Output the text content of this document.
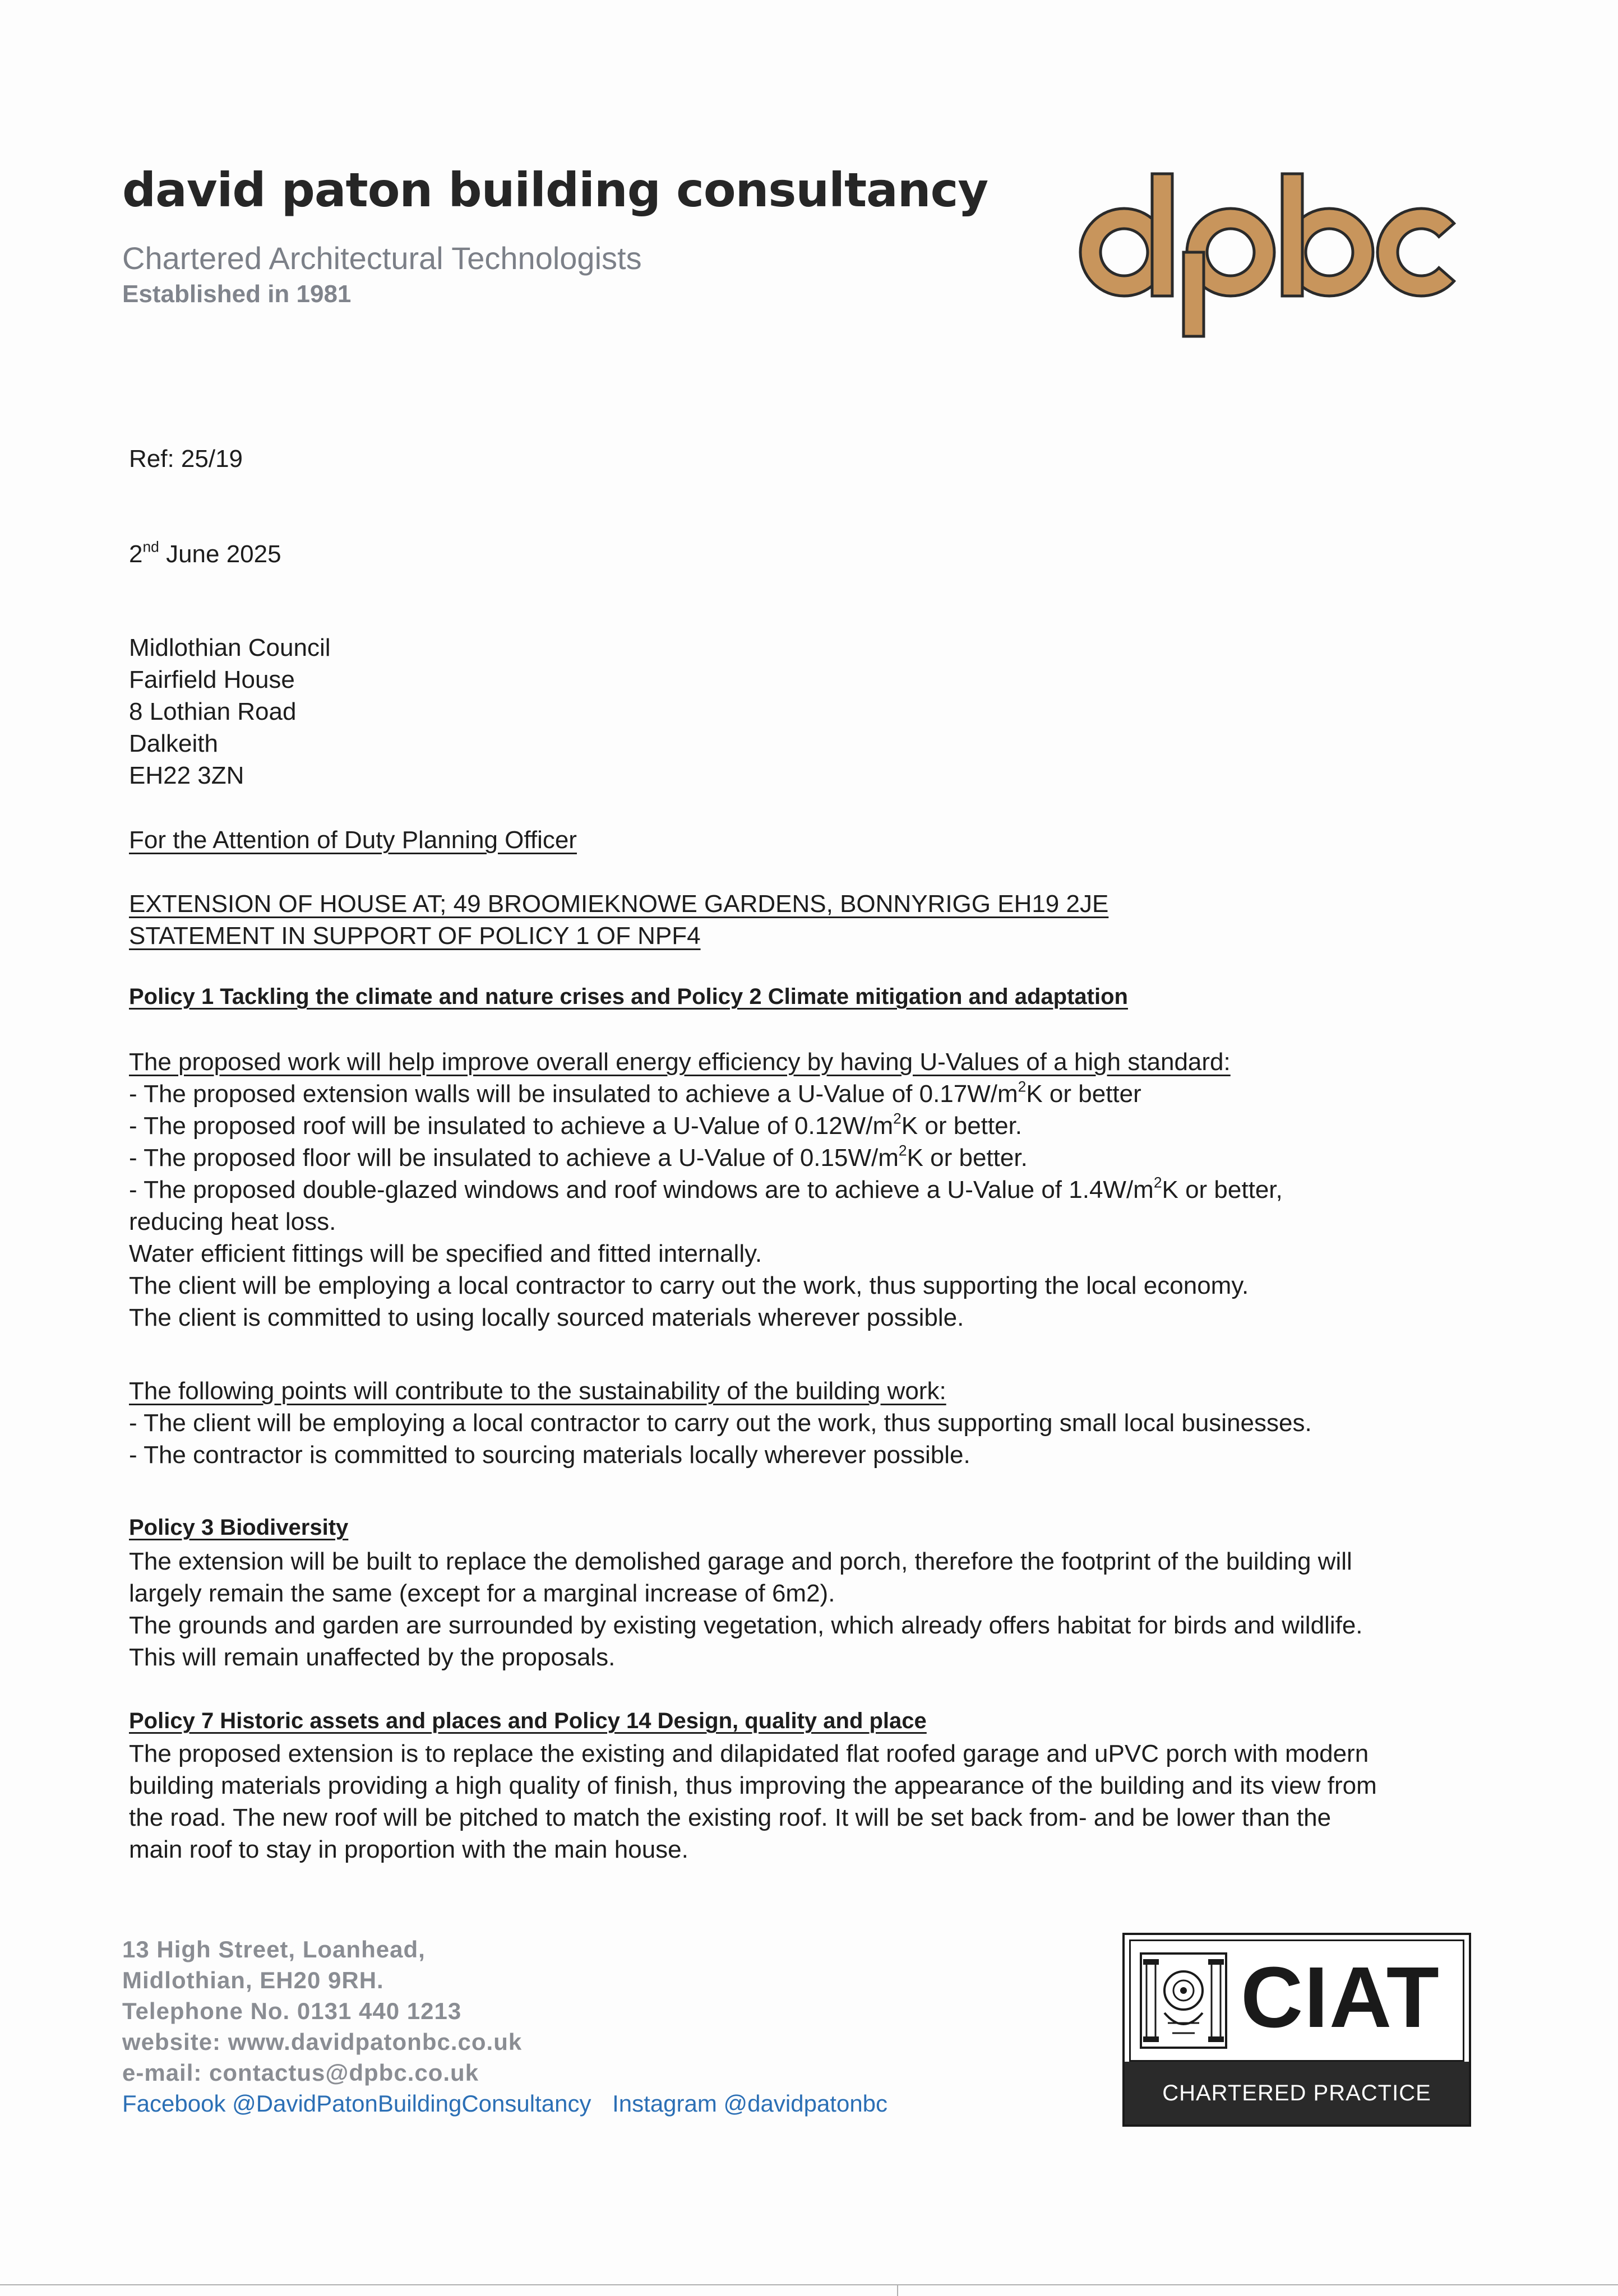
david paton building consultancy
Chartered Architectural Technologists
Established in 1981
Ref: 25/19
2nd June 2025
Midlothian Council
Fairfield House
8 Lothian Road
Dalkeith
EH22 3ZN
For the Attention of Duty Planning Officer
EXTENSION OF HOUSE AT; 49 BROOMIEKNOWE GARDENS, BONNYRIGG EH19 2JE
STATEMENT IN SUPPORT OF POLICY 1 OF NPF4
Policy 1 Tackling the climate and nature crises and Policy 2 Climate mitigation and adaptation
The proposed work will help improve overall energy efficiency by having U-Values of a high standard:
- The proposed extension walls will be insulated to achieve a U-Value of $0.17W/m^2K$ or better
- The proposed roof will be insulated to achieve a U-Value of $0.12W/m^2K$ or better.
- The proposed floor will be insulated to achieve a U-Value of $0.15W/m^2K$ or better.
- The proposed double-glazed windows and roof windows are to achieve a U-Value of $1.4W/m^2K$ or better,
reducing heat loss.
Water efficient fittings will be specified and fitted internally.
The client will be employing a local contractor to carry out the work, thus supporting the local economy.
The client is committed to using locally sourced materials wherever possible.
The following points will contribute to the sustainability of the building work:
- The client will be employing a local contractor to carry out the work, thus supporting small local businesses.
- The contractor is committed to sourcing materials locally wherever possible.
Policy 3 Biodiversity
The extension will be built to replace the demolished garage and porch, therefore the footprint of the building will
largely remain the same (except for a marginal increase of 6m2).
The grounds and garden are surrounded by existing vegetation, which already offers habitat for birds and wildlife.
This will remain unaffected by the proposals.
Policy 7 Historic assets and places and Policy 14 Design, quality and place
The proposed extension is to replace the existing and dilapidated flat roofed garage and uPVC porch with modern
building materials providing a high quality of finish, thus improving the appearance of the building and its view from
the road. The new roof will be pitched to match the existing roof. It will be set back from- and be lower than the
main roof to stay in proportion with the main house.
13 High Street, Loanhead,
Midlothian, EH20 9RH.
Telephone No. 0131 440 1213
website: www.davidpatonbc.co.uk
e-mail: contactus@dpbc.co.uk
Facebook @DavidPatonBuildingConsultancy Instagram @davidpatonbc
CIAT
CHARTERED PRACTICE
